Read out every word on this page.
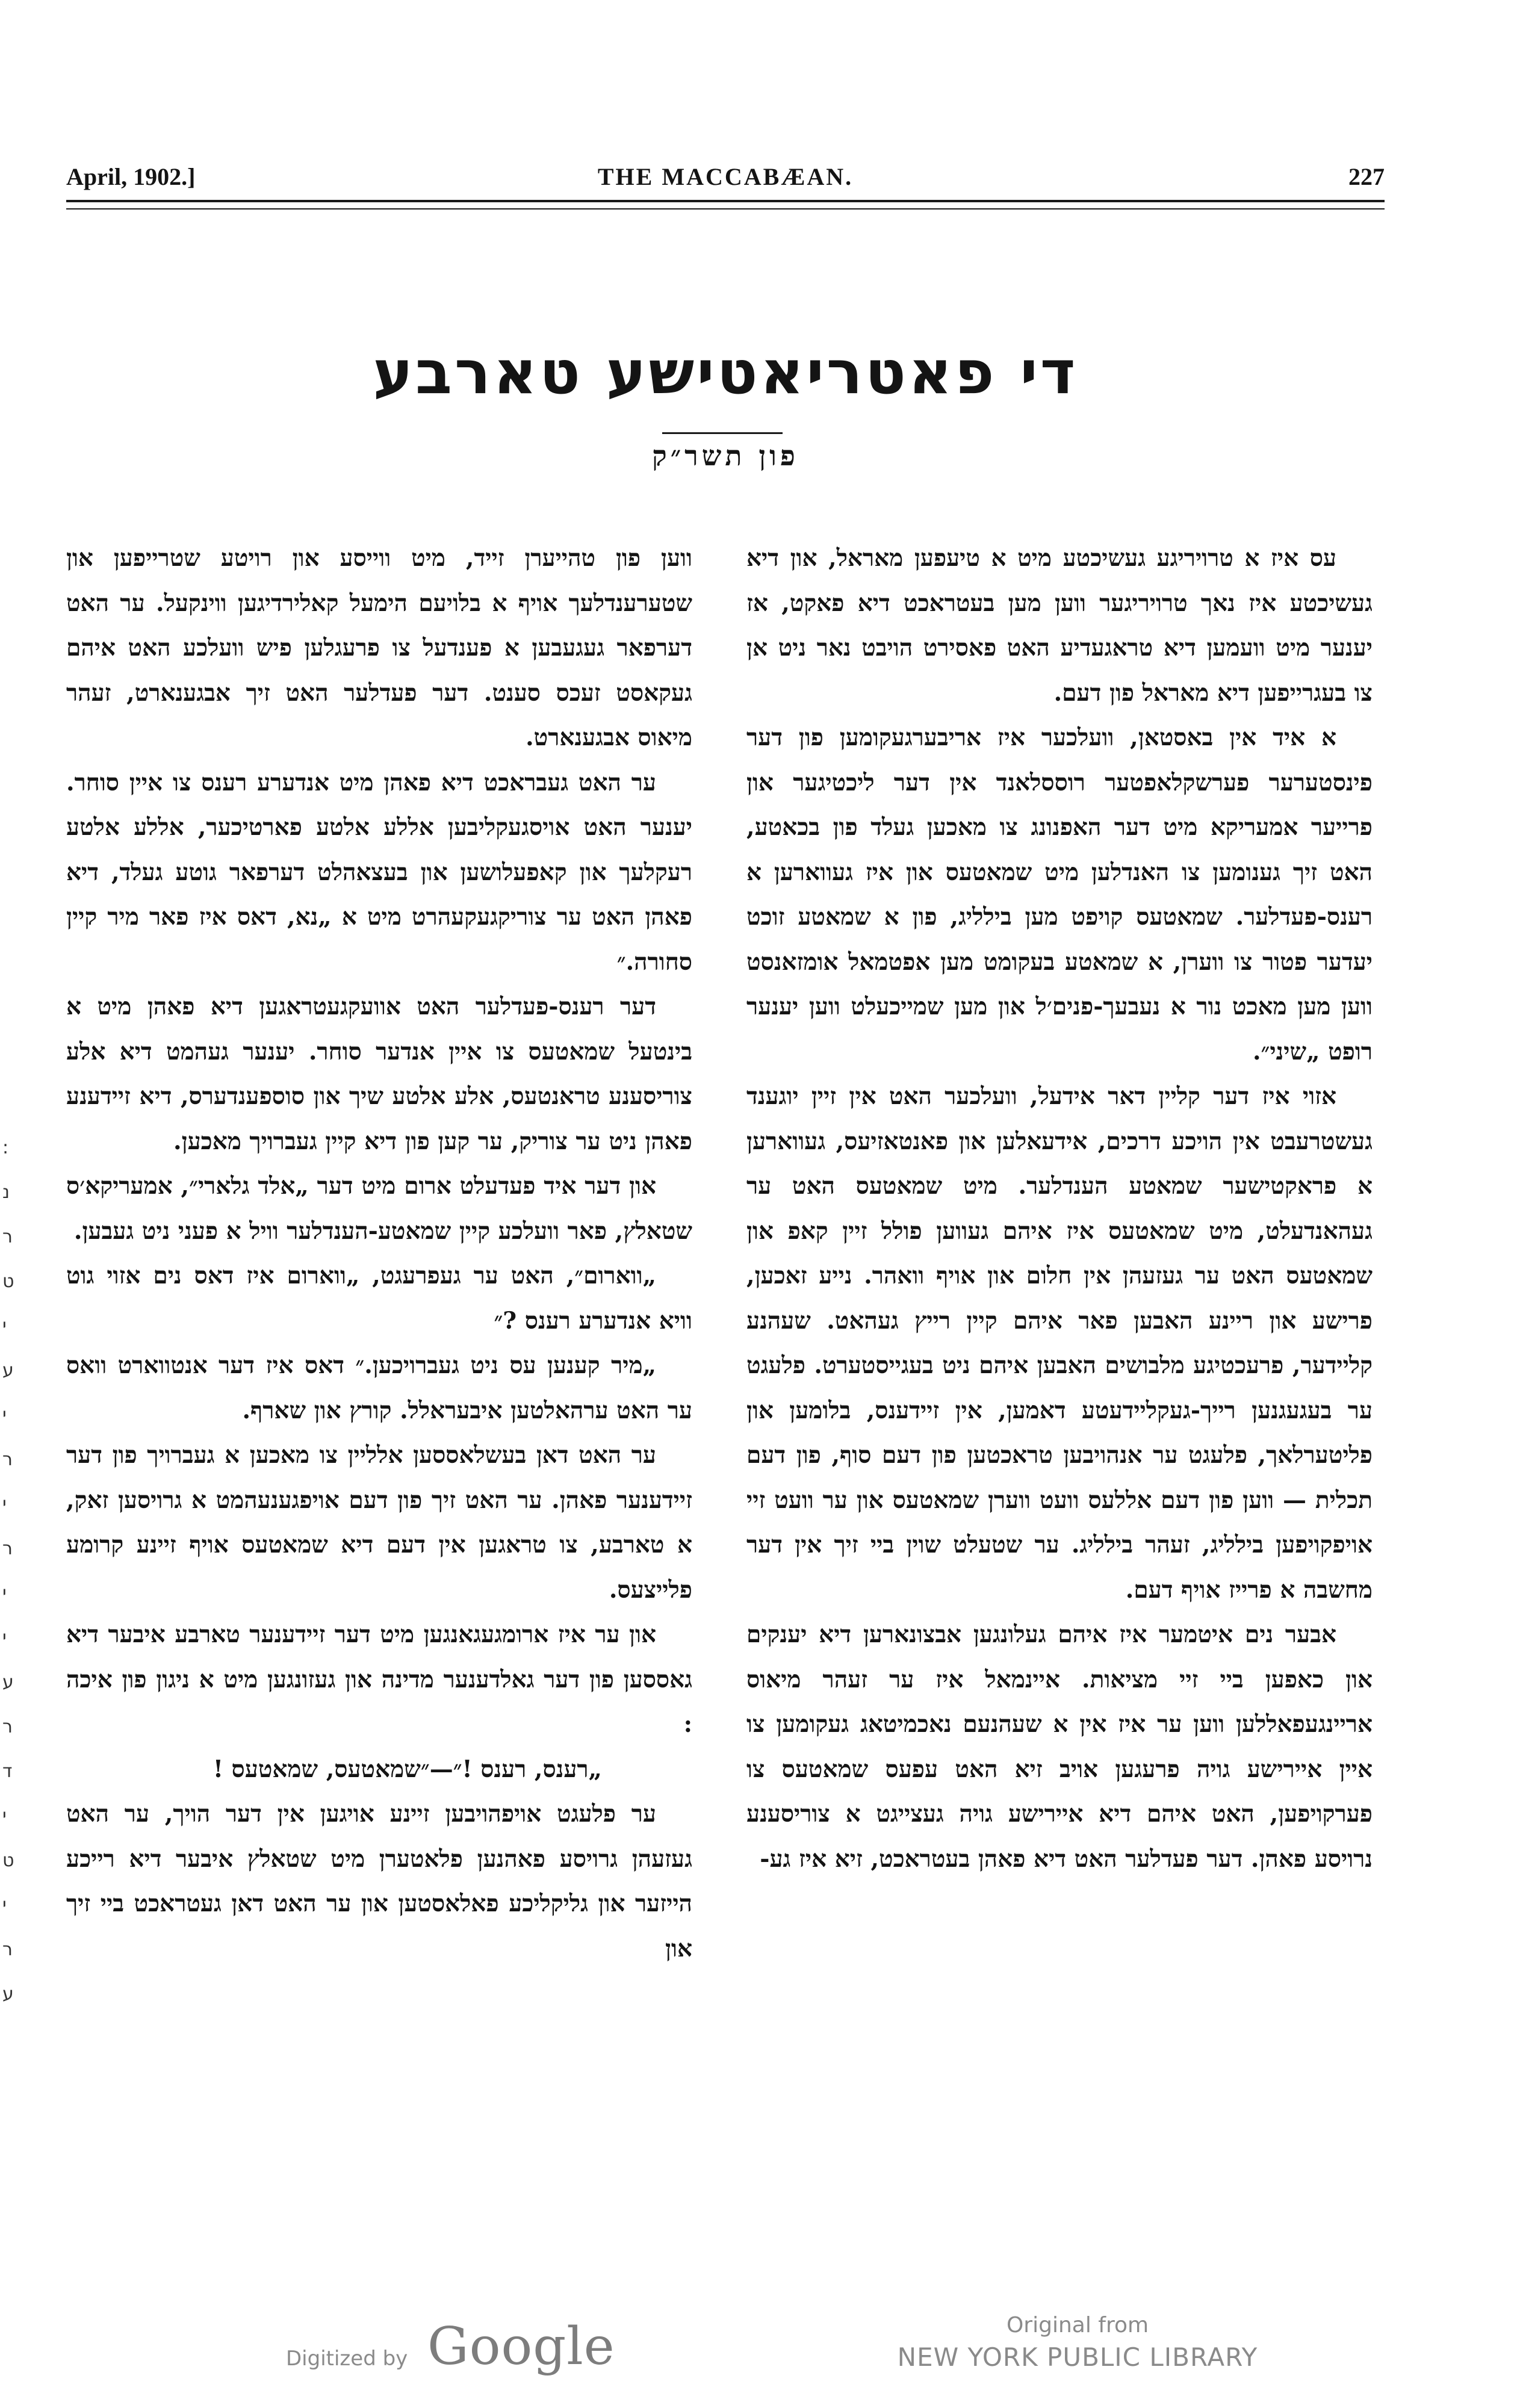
April, 1902.]	THE MACCABÆAN.	227
די פאטריאטישע טארבע
פון תשר״ק

עס איז א טרויריגע געשיכטע מיט א טיעפען מאראל, און דיא געשיכטע איז נאך טרויריגער ווען מען בעטראכט דיא פאקט, אז יענער מיט וועמען דיא טראגעדיע האט פאסירט הויבט נאר ניט אן צו בעגרייפען דיא מאראל פון דעם.

א איד אין באסטאן, וועלכער איז אריבערגעקומען פון דער פינסטערער פערשקלאפטער רוססלאנד אין דער ליכטיגער און פרייער אמעריקא מיט דער האפנונג צו מאכען געלד פון בכאטע, האט זיך גענומען צו האנדלען מיט שמאטעס און איז געווארען א רענס-פעדלער. שמאטעס קויפט מען בילליג, פון א שמאטע זוכט יעדער פטור צו ווערן, א שמאטע בעקומט מען אפטמאל אומזאנסט ווען מען מאכט נור א נעבעך-פנים׳ל און מען שמייכעלט ווען יענער רופט „שיני״.

אזוי איז דער קליין דאר אידעל, וועלכער האט אין זיין יוגענד געשטרעבט אין הויכע דרכים, אידעאלען און פאנטאזיעס, געווארען א פראקטישער שמאטע הענדלער. מיט שמאטעס האט ער געהאנדעלט, מיט שמאטעס איז איהם געווען פולל זיין קאפ און שמאטעס האט ער געזעהן אין חלום און אויף וואהר. נייע זאכען, פרישע און ריינע האבען פאר איהם קיין רייץ געהאט. שעהנע קליידער, פרעכטיגע מלבושים האבען איהם ניט בעגייסטערט. פלעגט ער בעגעגנען רייך-געקליידעטע דאמען, אין זיידענס, בלומען און פליטערלאך, פלעגט ער אנהויבען טראכטען פון דעם סוף, פון דעם תכלית — ווען פון דעם אללעס וועט ווערן שמאטעס און ער וועט זיי אויפקויפען בילליג, זעהר בילליג. ער שטעלט שוין ביי זיך אין דער מחשבה א פרייז אויף דעם.

אבער נים איטמער איז איהם געלונגען אבצונארען דיא יענקים און כאפען ביי זיי מציאות. איינמאל איז ער זעהר מיאוס אריינגעפאללען ווען ער איז אין א שעהנעם נאכמיטאג געקומען צו איין איירישע גויה פרעגען אויב זיא האט עפעס שמאטעס צו פערקויפען, האט איהם דיא איירישע גויה געצייגט א צוריסענע נרויסע פאהן. דער פעדלער האט דיא פאהן בעטראכט, זיא איז גע-

ווען פון טהייערן זייד, מיט ווייסע און רויטע שטרייפען און שטערענדלעך אויף א בלויעם הימעל קאלירדיגען ווינקעל. ער האט דערפאר געגעבען א פענדעל צו פרעגלען פיש וועלכע האט איהם געקאסט זעכס סענט. דער פעדלער האט זיך אבגענארט, זעהר מיאוס אבגענארט.

ער האט געבראכט דיא פאהן מיט אנדערע רענס צו איין סוחר. יענער האט אויסגעקליבען אללע אלטע פארטיכער, אללע אלטע רעקלעך און קאפעלושען און בעצאהלט דערפאר גוטע געלד, דיא פאהן האט ער צוריקגעקעהרט מיט א „נא, דאס איז פאר מיר קיין סחורה.״

דער רענס-פעדלער האט אוועקגעטראגען דיא פאהן מיט א בינטעל שמאטעס צו איין אנדער סוחר. יענער געהמט דיא אלע צוריסענע טראנטעס, אלע אלטע שיך און סוספענדערס, דיא זיידענע פאהן ניט ער צוריק, ער קען פון דיא קיין געברויך מאכען.

און דער איד פעדעלט ארום מיט דער „אלד גלארי״, אמעריקא׳ס שטאלץ, פאר וועלכע קיין שמאטע-הענדלער וויל א פעני ניט געבען.

„ווארום״, האט ער געפרעגט, „ווארום איז דאס נים אזוי גוט וויא אנדערע רענס ?״

„מיר קענען עס ניט געברויכען.״ דאס איז דער אנטווארט וואס ער האט ערהאלטען איבעראלל. קורץ און שארף.

ער האט דאן בעשלאססען אלליין צו מאכען א געברויך פון דער זיידענער פאהן. ער האט זיך פון דעם אויפגענעהמט א גרויסען זאק, א טארבע, צו טראגען אין דעם דיא שמאטעס אויף זיינע קרומע פלייצעס.

און ער איז ארומגעגאנגען מיט דער זיידענער טארבע איבער דיא גאססען פון דער גאלדענער מדינה און געזונגען מיט א ניגון פון איכה :

„רענס, רענס !״—״שמאטעס, שמאטעס !

ער פלעגט אויפהויבען זיינע אויגען אין דער הויך, ער האט געזעהן גרויסע פאהנען פלאטערן מיט שטאלץ איבער דיא רייכע הייזער און גליקליכע פאלאסטען און ער האט דאן געטראכט ביי זיך און

:
נ
ר
ט
י
ע
י
ר
י
ר
י
י
ע
ר
ד
י
ט
י
ר
ע
Digitized by Google	Original from
NEW YORK PUBLIC LIBRARY
